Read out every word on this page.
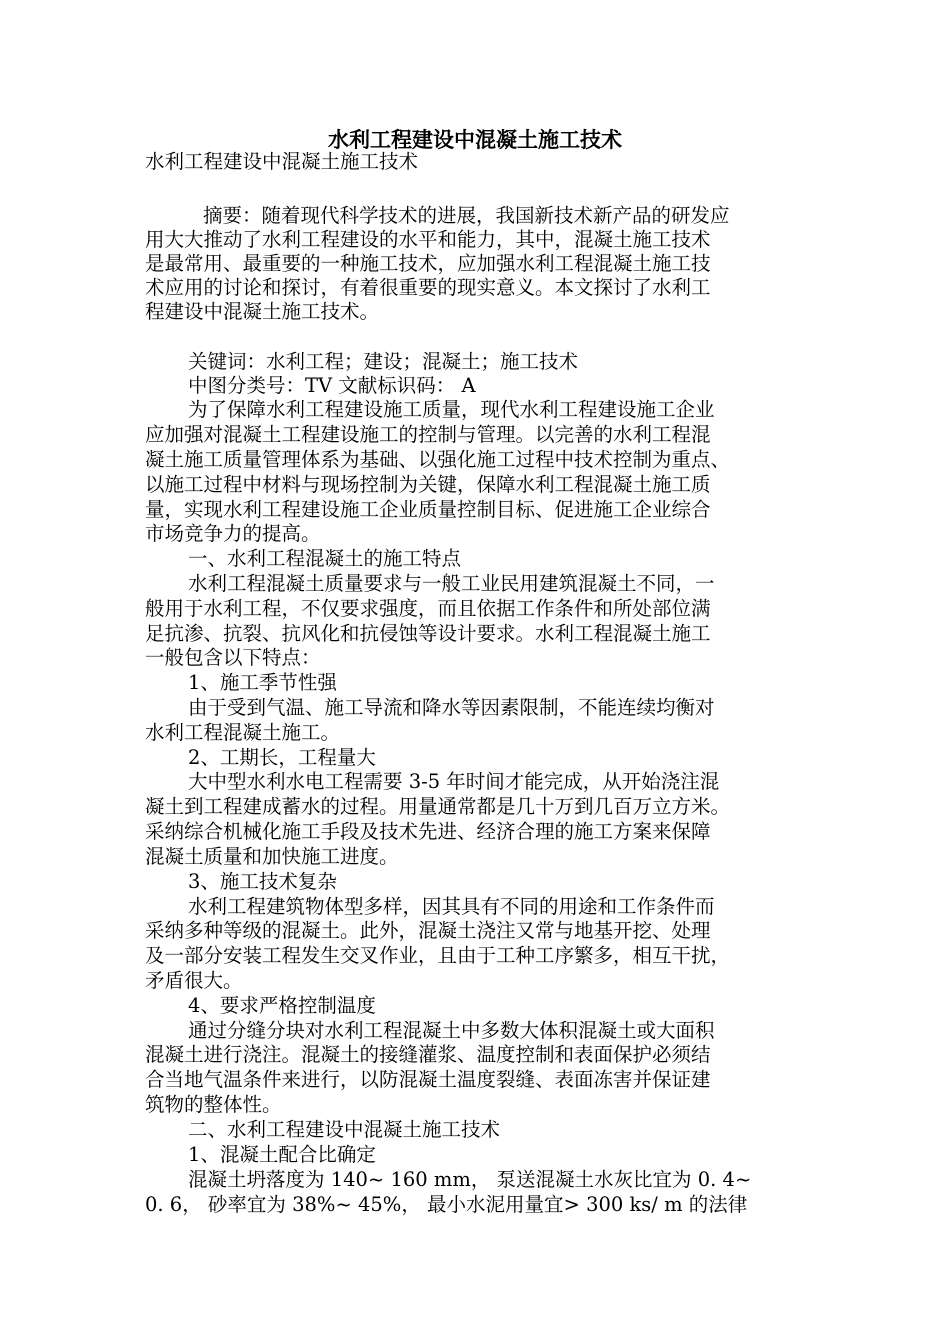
水利工程建设中混凝土施工技术
水利工程建设中混凝土施工技术
摘要：随着现代科学技术的进展，我国新技术新产品的研发应
用大大推动了水利工程建设的水平和能力，其中，混凝土施工技术
是最常用、最重要的一种施工技术，应加强水利工程混凝土施工技
术应用的讨论和探讨，有着很重要的现实意义。本文探讨了水利工
程建设中混凝土施工技术。
关键词：水利工程；建设；混凝土；施工技术
中图分类号：TV 文献标识码： A
为了保障水利工程建设施工质量，现代水利工程建设施工企业
应加强对混凝土工程建设施工的控制与管理。以完善的水利工程混
凝土施工质量管理体系为基础、以强化施工过程中技术控制为重点、
以施工过程中材料与现场控制为关键，保障水利工程混凝土施工质
量，实现水利工程建设施工企业质量控制目标、促进施工企业综合
市场竞争力的提高。
一、水利工程混凝土的施工特点
水利工程混凝土质量要求与一般工业民用建筑混凝土不同，一
般用于水利工程，不仅要求强度，而且依据工作条件和所处部位满
足抗渗、抗裂、抗风化和抗侵蚀等设计要求。水利工程混凝土施工
一般包含以下特点：
1、施工季节性强
由于受到气温、施工导流和降水等因素限制，不能连续均衡对
水利工程混凝土施工。
2、工期长，工程量大
大中型水利水电工程需要 3-5 年时间才能完成，从开始浇注混
凝土到工程建成蓄水的过程。用量通常都是几十万到几百万立方米。
采纳综合机械化施工手段及技术先进、经济合理的施工方案来保障
混凝土质量和加快施工进度。
3、施工技术复杂
水利工程建筑物体型多样，因其具有不同的用途和工作条件而
采纳多种等级的混凝土。此外，混凝土浇注又常与地基开挖、处理
及一部分安装工程发生交叉作业，且由于工种工序繁多，相互干扰，
矛盾很大。
4、要求严格控制温度
通过分缝分块对水利工程混凝土中多数大体积混凝土或大面积
混凝土进行浇注。混凝土的接缝灌浆、温度控制和表面保护必须结
合当地气温条件来进行，以防混凝土温度裂缝、表面冻害并保证建
筑物的整体性。
二、水利工程建设中混凝土施工技术
1、混凝土配合比确定
混凝土坍落度为 140~ 160 mm， 泵送混凝土水灰比宜为 0. 4~
0. 6， 砂率宜为 38%~ 45%， 最小水泥用量宜> 300 ks/ m 的法律
